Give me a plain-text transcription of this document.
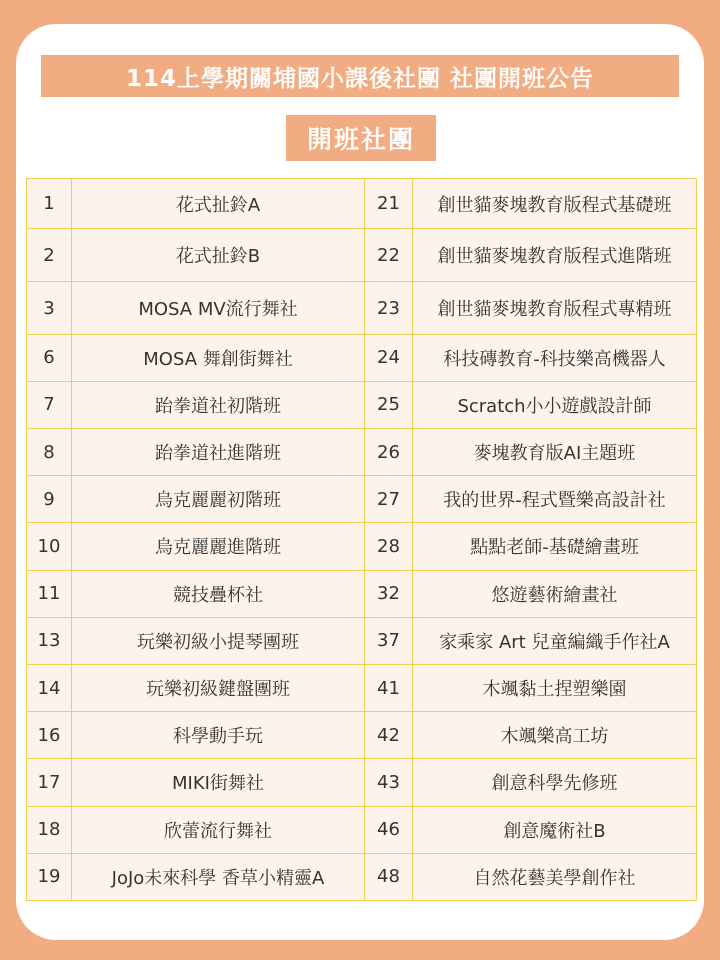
114上學期關埔國小課後社團 社團開班公告
開班社團
1	花式扯鈴A	21	創世貓麥塊教育版程式基礎班
2	花式扯鈴B	22	創世貓麥塊教育版程式進階班
3	MOSA MV流行舞社	23	創世貓麥塊教育版程式專精班
6	MOSA 舞創街舞社	24	科技磚教育-科技樂高機器人
7	跆拳道社初階班	25	Scratch小小遊戲設計師
8	跆拳道社進階班	26	麥塊教育版AI主題班
9	烏克麗麗初階班	27	我的世界-程式暨樂高設計社
10	烏克麗麗進階班	28	點點老師-基礎繪畫班
11	競技疊杯社	32	悠遊藝術繪畫社
13	玩樂初級小提琴團班	37	家乘家 Art 兒童編織手作社A
14	玩樂初級鍵盤團班	41	木颯黏土捏塑樂園
16	科學動手玩	42	木颯樂高工坊
17	MIKI街舞社	43	創意科學先修班
18	欣蕾流行舞社	46	創意魔術社B
19	JoJo未來科學 香草小精靈A	48	自然花藝美學創作社
